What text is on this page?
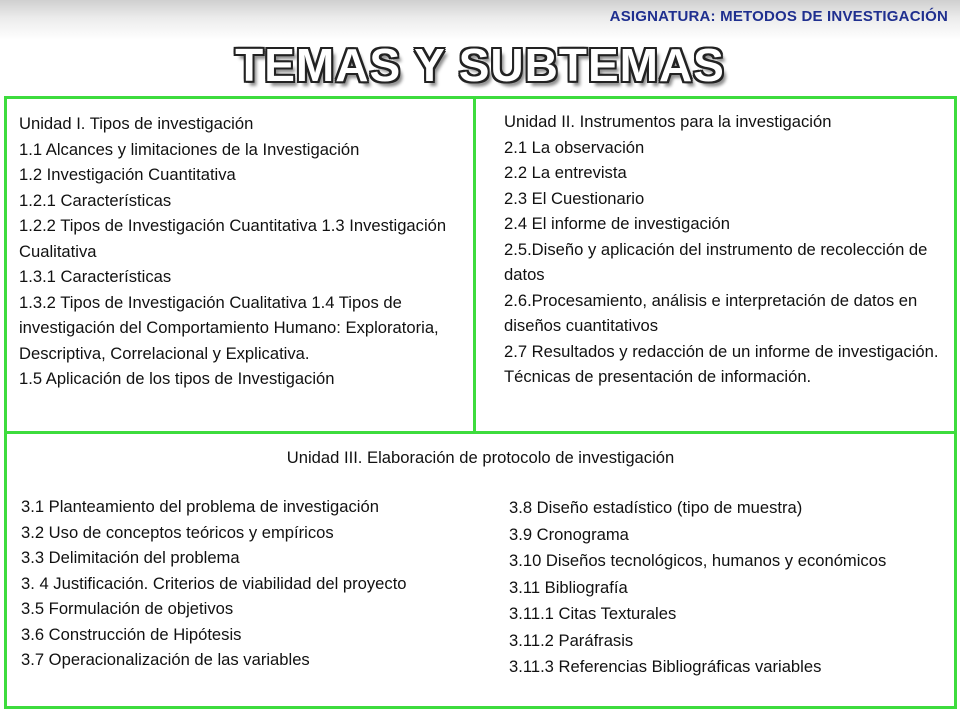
ASIGNATURA: METODOS DE INVESTIGACIÓN
TEMAS Y SUBTEMAS
Unidad I. Tipos de investigación
1.1 Alcances y limitaciones de la Investigación
1.2 Investigación Cuantitativa
1.2.1 Características
1.2.2 Tipos de Investigación Cuantitativa 1.3 Investigación Cualitativa
1.3.1 Características
1.3.2 Tipos de Investigación Cualitativa 1.4 Tipos de investigación del Comportamiento Humano: Exploratoria, Descriptiva, Correlacional y Explicativa.
1.5 Aplicación de los tipos de Investigación
Unidad II. Instrumentos para la investigación
2.1 La observación
2.2 La entrevista
2.3 El Cuestionario
2.4 El informe de investigación
2.5.Diseño y aplicación del instrumento de recolección de datos
2.6.Procesamiento, análisis e interpretación de datos en diseños cuantitativos
2.7 Resultados y redacción de un informe de investigación. Técnicas de presentación de información.
Unidad III. Elaboración de protocolo de investigación
3.1 Planteamiento del problema de investigación
3.2 Uso de conceptos teóricos y empíricos
3.3 Delimitación del problema
3. 4 Justificación. Criterios de viabilidad del proyecto
3.5 Formulación de objetivos
3.6 Construcción de Hipótesis
3.7 Operacionalización de las variables
3.8 Diseño estadístico (tipo de muestra)
3.9 Cronograma
3.10 Diseños tecnológicos, humanos y económicos
3.11 Bibliografía
3.11.1 Citas Texturales
3.11.2 Paráfrasis
3.11.3 Referencias Bibliográficas variables
